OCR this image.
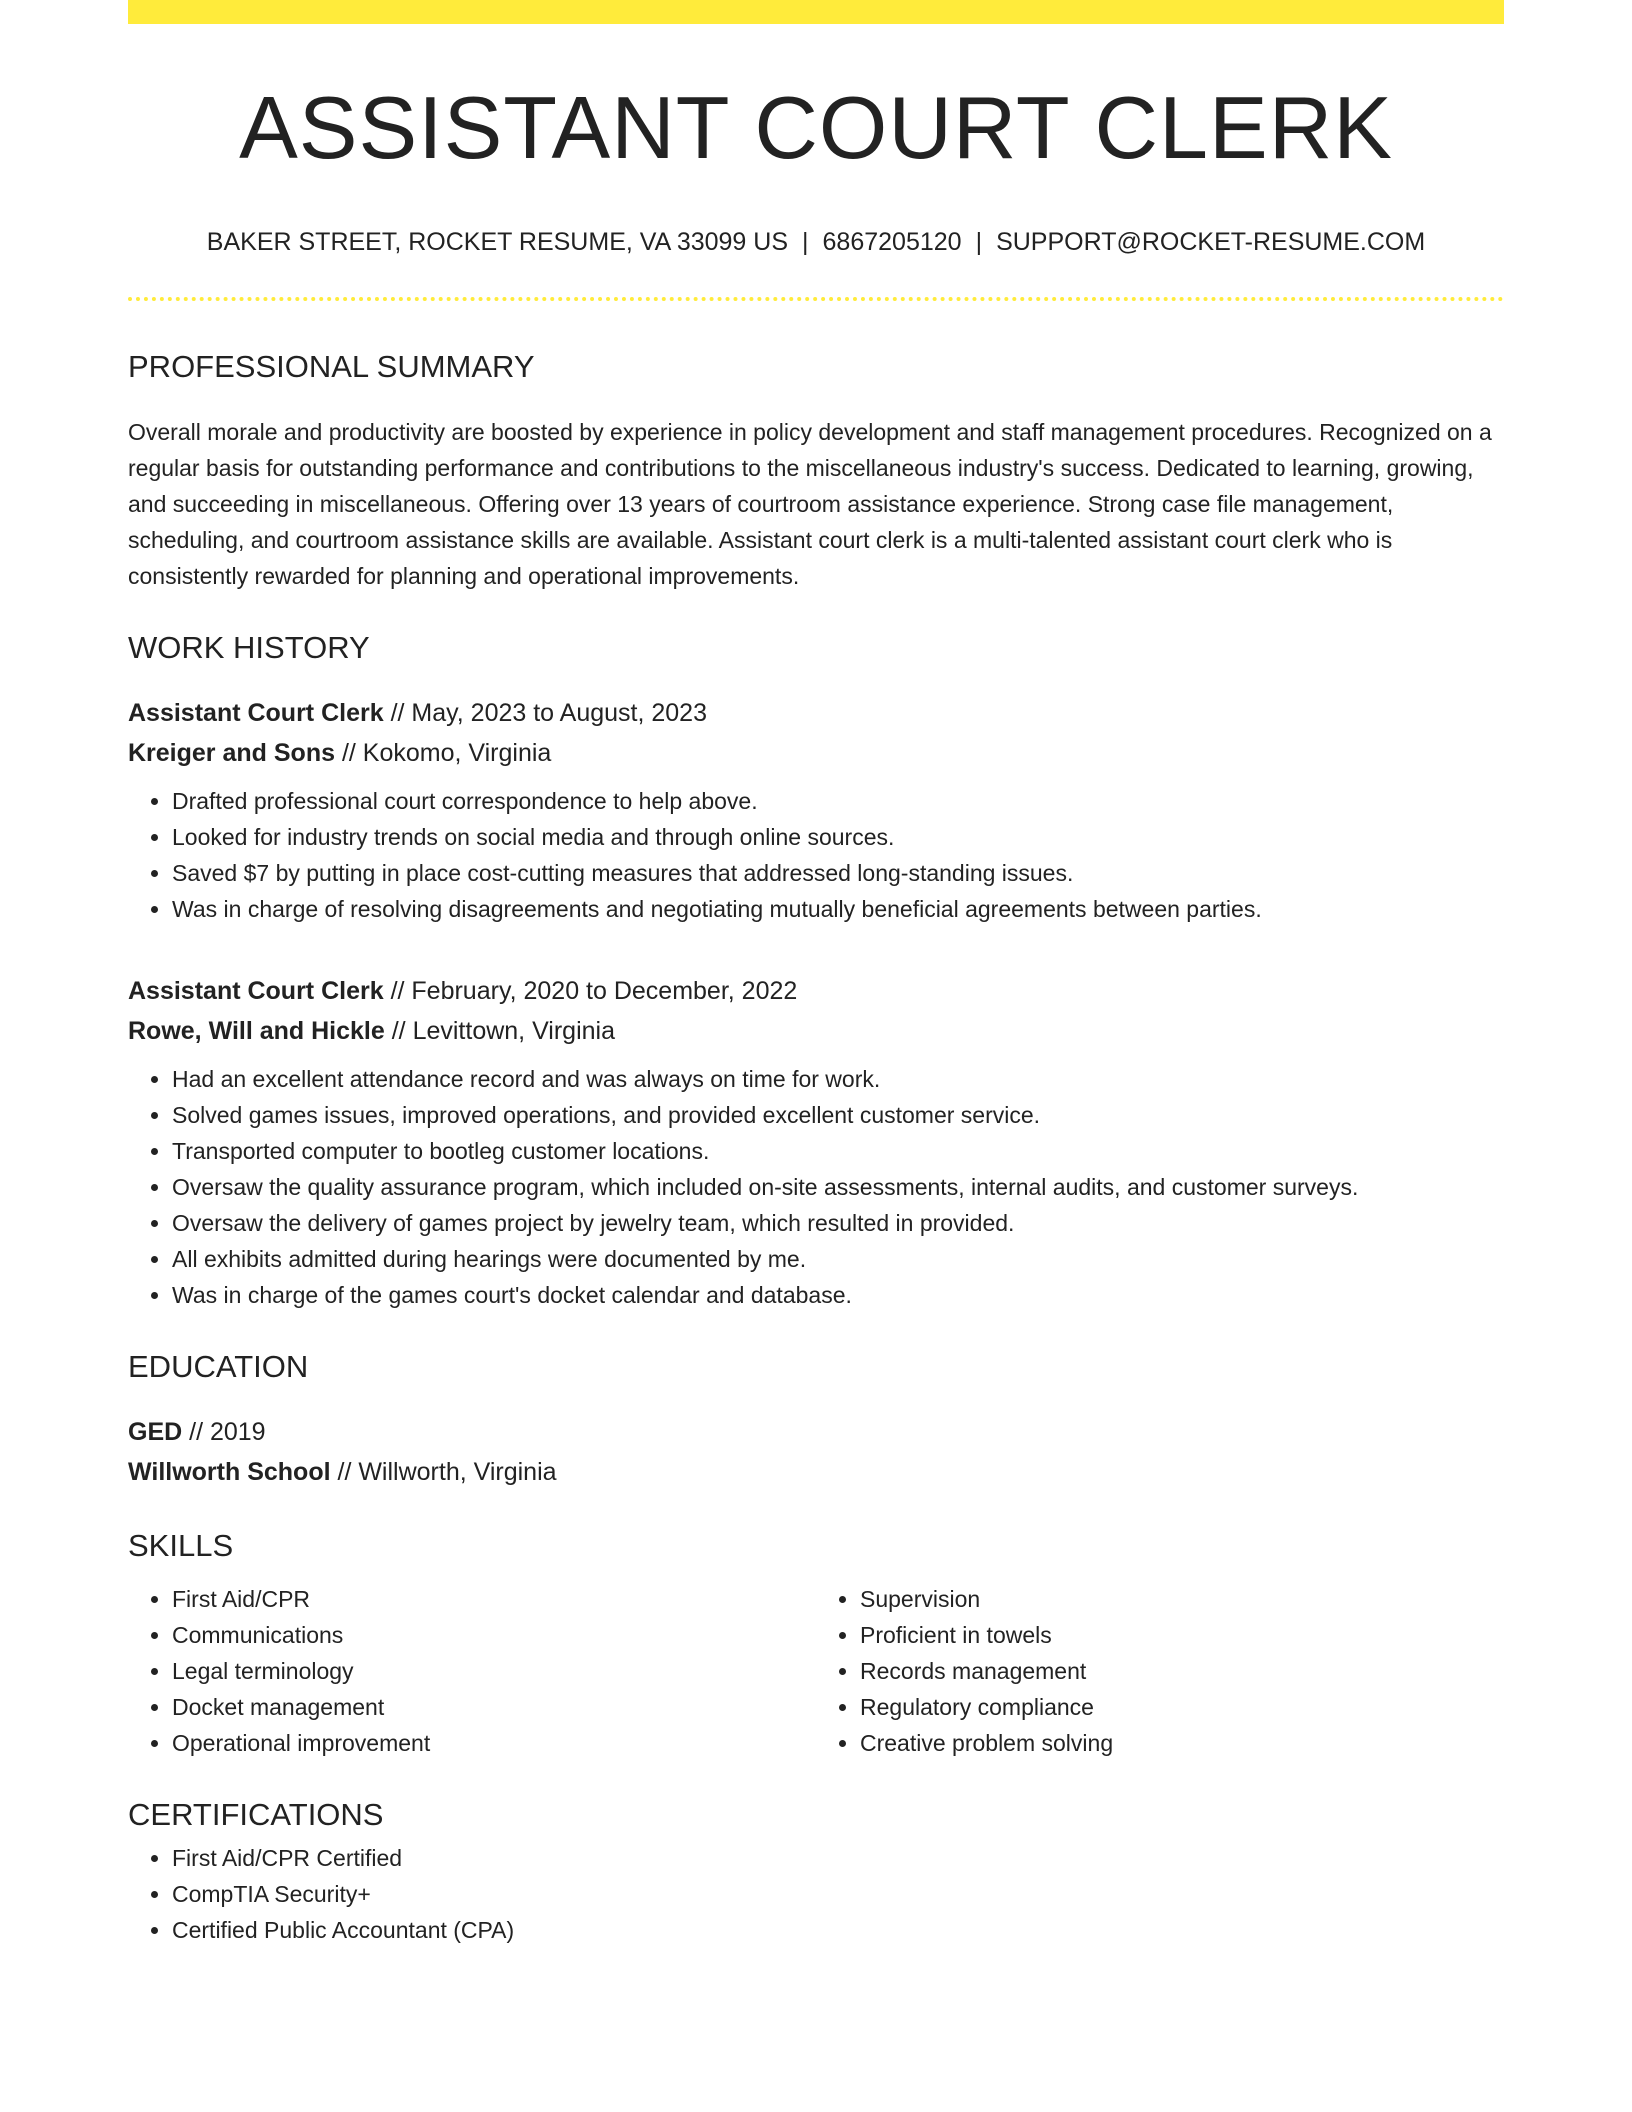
ASSISTANT COURT CLERK
BAKER STREET, ROCKET RESUME, VA 33099 US | 6867205120 | SUPPORT@ROCKET-RESUME.COM
PROFESSIONAL SUMMARY

Overall morale and productivity are boosted by experience in policy development and staff management procedures. Recognized on a regular basis for outstanding performance and contributions to the miscellaneous industry's success. Dedicated to learning, growing, and succeeding in miscellaneous. Offering over 13 years of courtroom assistance experience. Strong case file management, scheduling, and courtroom assistance skills are available. Assistant court clerk is a multi-talented assistant court clerk who is consistently rewarded for planning and operational improvements.

WORK HISTORY
Assistant Court Clerk // May, 2023 to August, 2023
Kreiger and Sons // Kokomo, Virginia
• Drafted professional court correspondence to help above.
• Looked for industry trends on social media and through online sources.
• Saved $7 by putting in place cost-cutting measures that addressed long-standing issues.
• Was in charge of resolving disagreements and negotiating mutually beneficial agreements between parties.
Assistant Court Clerk // February, 2020 to December, 2022
Rowe, Will and Hickle // Levittown, Virginia
• Had an excellent attendance record and was always on time for work.
• Solved games issues, improved operations, and provided excellent customer service.
• Transported computer to bootleg customer locations.
• Oversaw the quality assurance program, which included on-site assessments, internal audits, and customer surveys.
• Oversaw the delivery of games project by jewelry team, which resulted in provided.
• All exhibits admitted during hearings were documented by me.
• Was in charge of the games court's docket calendar and database.
EDUCATION
GED // 2019
Willworth School // Willworth, Virginia
SKILLS
• First Aid/CPR
• Communications
• Legal terminology
• Docket management
• Operational improvement
• Supervision
• Proficient in towels
• Records management
• Regulatory compliance
• Creative problem solving
CERTIFICATIONS
• First Aid/CPR Certified
• CompTIA Security+
• Certified Public Accountant (CPA)
